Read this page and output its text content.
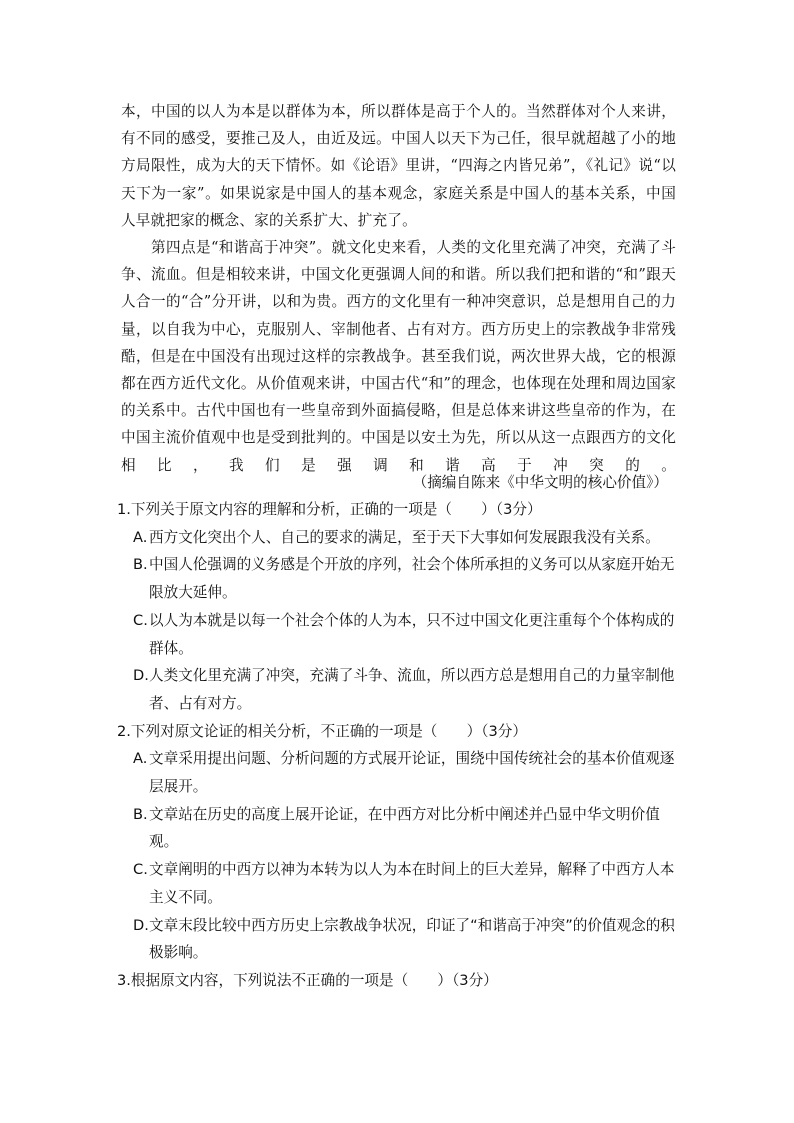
本，中国的以人为本是以群体为本，所以群体是高于个人的。当然群体对个人来讲，有不同的感受，要推己及人，由近及远。中国人以天下为己任，很早就超越了小的地方局限性，成为大的天下情怀。如《论语》里讲，“四海之内皆兄弟”，《礼记》说“以天下为一家”。如果说家是中国人的基本观念，家庭关系是中国人的基本关系，中国人早就把家的概念、家的关系扩大、扩充了。

第四点是“和谐高于冲突”。就文化史来看，人类的文化里充满了冲突，充满了斗争、流血。但是相较来讲，中国文化更强调人间的和谐。所以我们把和谐的“和”跟天人合一的“合”分开讲，以和为贵。西方的文化里有一种冲突意识，总是想用自己的力量，以自我为中心，克服别人、宰制他者、占有对方。西方历史上的宗教战争非常残酷，但是在中国没有出现过这样的宗教战争。甚至我们说，两次世界大战，它的根源都在西方近代文化。从价值观来讲，中国古代“和”的理念，也体现在处理和周边国家的关系中。古代中国也有一些皇帝到外面搞侵略，但是总体来讲这些皇帝的作为，在中国主流价值观中也是受到批判的。中国是以安土为先，所以从这一点跟西方的文化相比，我们是强调和谐高于冲突的。

（摘编自陈来《中华文明的核心价值》）

1.下列关于原文内容的理解和分析，正确的一项是（　　）（3分）

A. 西方文化突出个人、自己的要求的满足，至于天下大事如何发展跟我没有关系。
B. 中国人伦强调的义务感是个开放的序列，社会个体所承担的义务可以从家庭开始无限放大延伸。
C. 以人为本就是以每一个社会个体的人为本，只不过中国文化更注重每个个体构成的群体。
D. 人类文化里充满了冲突，充满了斗争、流血，所以西方总是想用自己的力量宰制他者、占有对方。

2.下列对原文论证的相关分析，不正确的一项是（　　）（3分）

A. 文章采用提出问题、分析问题的方式展开论证，围绕中国传统社会的基本价值观逐层展开。
B. 文章站在历史的高度上展开论证，在中西方对比分析中阐述并凸显中华文明价值观。
C. 文章阐明的中西方以神为本转为以人为本在时间上的巨大差异，解释了中西方人本主义不同。
D. 文章末段比较中西方历史上宗教战争状况，印证了“和谐高于冲突”的价值观念的积极影响。

3.根据原文内容，下列说法不正确的一项是（　　）（3分）
